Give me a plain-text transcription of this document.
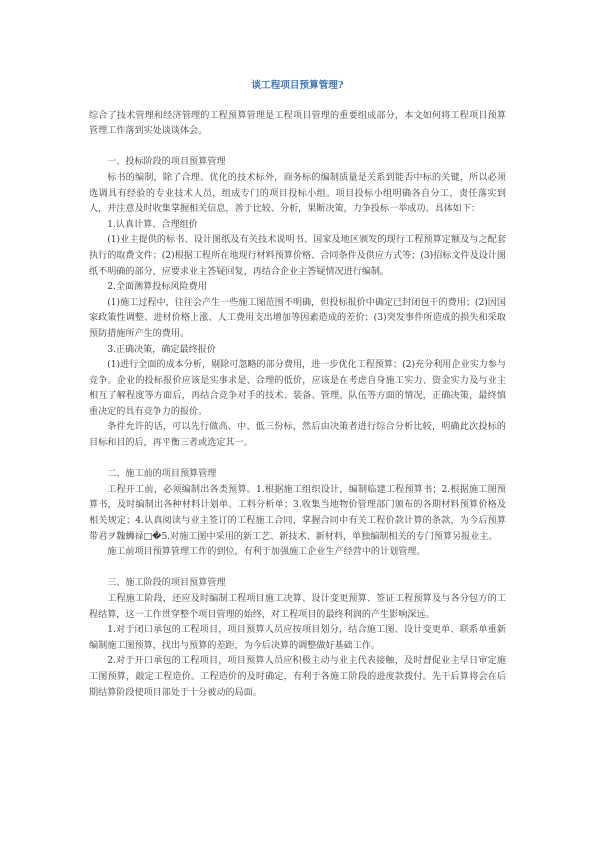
谈工程项目预算管理?

综合了技术管理和经济管理的工程预算管理是工程项目管理的重要组成部分，本文如何将工程项目预算管理工作落到实处谈谈体会。

一、投标阶段的项目预算管理

标书的编制，除了合理、优化的技术标外，商务标的编制质量是关系到能否中标的关键，所以必须选调具有经验的专业技术人员，组成专门的项目投标小组。项目投标小组明确各自分工，责任落实到人，并注意及时收集掌握相关信息，善于比较、分析，果断决策，力争投标一举成功。具体如下：

1.认真计算、合理组价

(1)业主提供的标书、设计图纸及有关技术说明书、国家及地区颁发的现行工程预算定额及与之配套执行的取费文件；(2)根据工程所在地现行材料预算价格、合同条件及供应方式等；(3)招标文件及设计图纸不明确的部分，应要求业主答疑回复，再结合企业主答疑情况进行编制。

2.全面测算投标风险费用

(1)施工过程中，往往会产生一些施工图范围不明确，但投标报价中确定已封闭包干的费用；(2)因国家政策性调整、进材价格上涨、人工费用支出增加等因素造成的差价；(3)突发事件所造成的损失和采取预防措施所产生的费用。

3.正确决策，确定最终报价

(1)进行全面的成本分析，剔除可忽略的部分费用，进一步优化工程预算；(2)充分利用企业实力参与竞争。企业的投标报价应该是实事求是、合理的低价，应该是在考虑自身施工实力、资金实力及与业主相互了解程度等方面后，再结合竞争对手的技术、装备、管理、队伍等方面的情况，正确决策，最终慎重决定的具有竞争力的报价。

条件允许的话，可以先行做高、中、低三份标，然后由决策者进行综合分析比较，明确此次投标的目标和目的后，再平衡三者或选定其一。

二、施工前的项目预算管理

工程开工前，必须编制出各类预算。1.根据施工组织设计，编制临建工程预算书；2.根据施工图预算书，及时编制出各种材料计划单、工料分析单；3.收集当地物价管理部门颁布的各期材料预算价格及相关规定；4.认真阅读与业主签订的工程施工合同，掌握合同中有关工程价款计算的条款，为今后预算带君ヲ魏蛳禄□�5.对施工图中采用的新工艺、新技术、新材料，单独编制相关的专门预算另报业主。

施工前项目预算管理工作的到位，有利于加强施工企业生产经营中的计划管理。

三、施工阶段的项目预算管理

工程施工阶段，还应及时编制工程项目施工决算、设计变更预算、签证工程预算及与各分包方的工程结算，这一工作贯穿整个项目管理的始终，对工程项目的最终利润的产生影响深远。

1.对于闭口承包的工程项目，项目预算人员应按项目划分，结合施工图、设计变更单、联系单重新编制施工图预算，找出与预算的差距，为今后决算的调整做好基础工作。

2.对于开口承包的工程项目，项目预算人员应积极主动与业主代表接触，及时督促业主早日审定施工图预算，敲定工程造价。工程造价的及时确定，有利于各施工阶段的进度款拨付。先干后算将会在后期结算阶段使项目部处于十分被动的局面。
